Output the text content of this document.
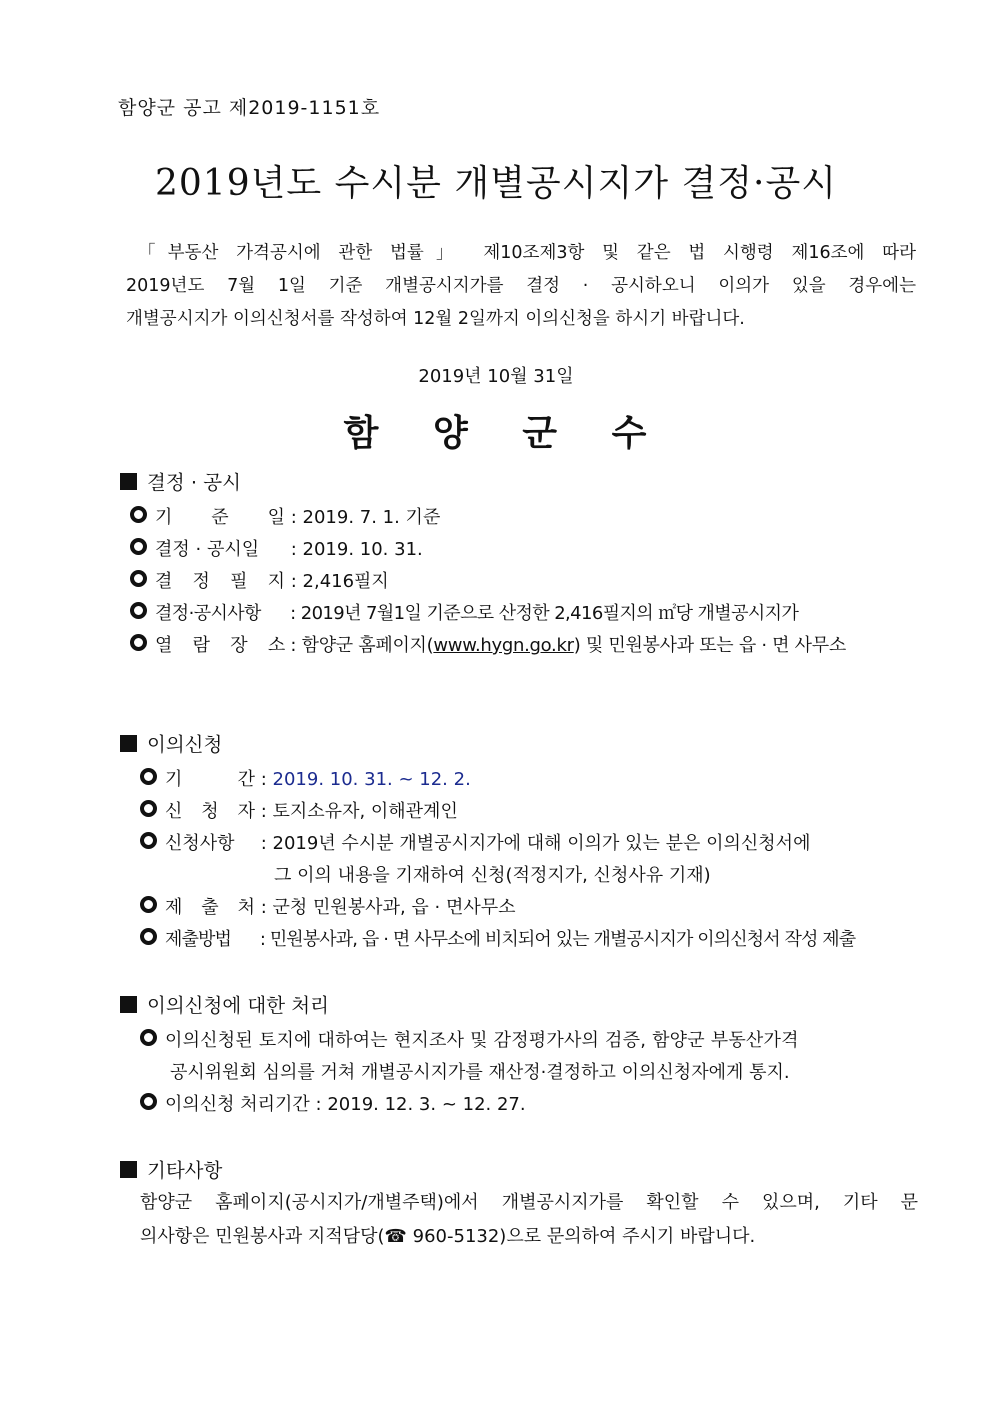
함양군 공고 제2019-1151호
2019년도 수시분 개별공시지가 결정·공시
「부동산 가격공시에 관한 법률」 제10조제3항 및 같은 법 시행령 제16조에 따라
2019년도 7월 1일 기준 개별공시지가를 결정 · 공시하오니 이의가 있을 경우에는
개별공시지가 이의신청서를 작성하여 12월 2일까지 이의신청을 하시기 바랍니다.
2019년 10월 31일
함 양 군 수
결정 · 공시
기 준 일 : 2019. 7. 1. 기준
결정 · 공시일 : 2019. 10. 31.
결 정 필 지 : 2,416필지
결정·공시사항 : 2019년 7월1일 기준으로 산정한 2,416필지의 ㎡당 개별공시지가
열 람 장 소 : 함양군 홈페이지(www.hygn.go.kr) 및 민원봉사과 또는 읍 · 면 사무소
이의신청
기 간 : 2019. 10. 31. ~ 12. 2.
신 청 자 : 토지소유자, 이해관계인
신청사항 : 2019년 수시분 개별공시지가에 대해 이의가 있는 분은 이의신청서에
그 이의 내용을 기재하여 신청(적정지가, 신청사유 기재)
제 출 처 : 군청 민원봉사과, 읍 · 면사무소
제출방법 : 민원봉사과, 읍 · 면 사무소에 비치되어 있는 개별공시지가 이의신청서 작성 제출
이의신청에 대한 처리
이의신청된 토지에 대하여는 현지조사 및 감정평가사의 검증, 함양군 부동산가격
공시위원회 심의를 거쳐 개별공시지가를 재산정·결정하고 이의신청자에게 통지.
이의신청 처리기간 : 2019. 12. 3. ~ 12. 27.
기타사항
함양군 홈페이지(공시지가/개별주택)에서 개별공시지가를 확인할 수 있으며, 기타 문
의사항은 민원봉사과 지적담당(☎ 960-5132)으로 문의하여 주시기 바랍니다.
